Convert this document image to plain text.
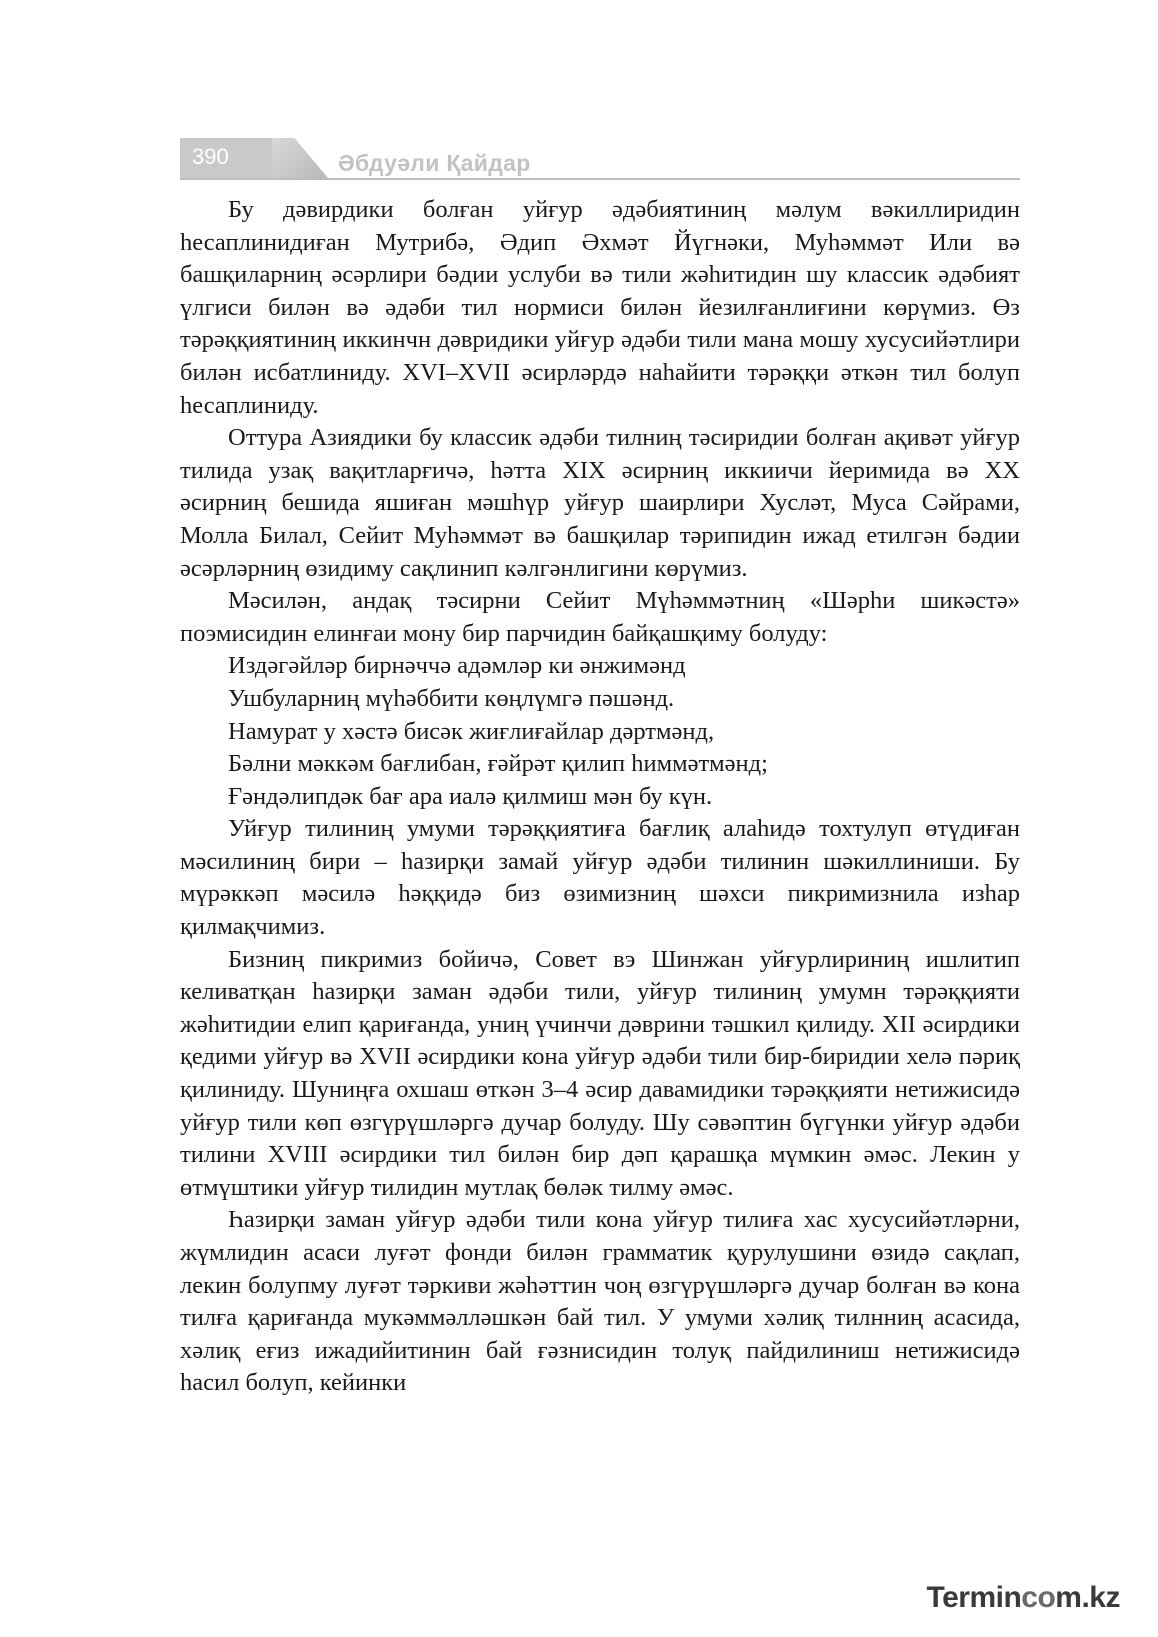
390	Әбдуәли Қайдар

Бу дәвирдики болған уйғур әдәбиятиниң мәлум вәкиллиридин һесаплинидиған Мутрибә, Әдип Әхмәт Йүгнәки, Муһәммәт Или вә башқиларниң әсәрлири бәдии услуби вә тили жәһитидин шу классик әдәбият үлгиси билән вә әдәби тил нормиси билән йезилғанлиғини көрүмиз. Өз тәрәққиятиниң иккинчн дәвридики уйғур әдәби тили мана мошу хусусийәтлири билән исбатлиниду. XVI–XVII әсирләрдә наһайити тәрәққи әткән тил болуп һесаплиниду.

Оттура Азиядики бу классик әдәби тилниң тәсиридии болған ақивәт уйғур тилида узақ вақитларғичә, һәтта XIX әсирниң иккиичи йеримида вә XX әсирниң бешида яшиған мәшһүр уйғур шаирлири Хусләт, Муса Сәйрами, Молла Билал, Сейит Муһәммәт вә башқилар тәрипидин ижад етилгән бәдии әсәрләрниң өзидиму сақлинип кәлгәнлигини көрүмиз.

Мәсилән, андақ тәсирни Сейит Мүһәммәтниң «Шәрһи шикәстә» поэмисидин елинғаи мону бир парчидин байқашқиму болуду:

Издәгәйләр бирнәччә адәмләр ки әнжимәнд

Ушбуларниң мүһәббити көңлүмгә пәшәнд.

Намурат у хәстә бисәк жиғлиғайлар дәртмәнд,

Бәлни мәккәм бағлибан, ғәйрәт қилип һиммәтмәнд;

Ғәндәлипдәк бағ ара иалә қилмиш мән бу күн.

Уйғур тилиниң умуми тәрәққиятиға бағлиқ алаһидә тохтулуп өтүдиған мәсилиниң бири – һазирқи замай уйғур әдәби тилинин шәкиллиниши. Бу мүрәккәп мәсилә һәққидә биз өзимизниң шәхси пикримизнила изһар қилмақчимиз.

Бизниң пикримиз бойичә, Совет вэ Шинжан уйғурлириниң ишлитип келиватқан һазирқи заман әдәби тили, уйғур тилиниң умумн тәрәққияти жәһитидии елип қариғанда, униң үчинчи дәврини тәшкил қилиду. XII әсирдики қедими уйғур вә XVII әсирдики кона уйғур әдәби тили бир-биридии хелә пәриқ қилиниду. Шуниңға охшаш өткән 3–4 әсир давамидики тәрәққияти нетижисидә уйғур тили көп өзгүрүшләргә дучар болуду. Шу сәвәптин бүгүнки уйғур әдәби тилини XVIII әсирдики тил билән бир дәп қарашқа мүмкин әмәс. Лекин у өтмүштики уйғур тилидин мутлақ бөләк тилму әмәс.

Һазирқи заман уйғур әдәби тили кона уйғур тилиға хас хусусийәтләрни, жүмлидин асаси луғәт фонди билән грамматик қурулушини өзидә сақлап, лекин болупму луғәт тәркиви жәһәттин чоң өзгүрүшләргә дучар болған вә кона тилға қариғанда мукәммәлләшкән бай тил. У умуми хәлиқ тилнниң асасида, хәлиқ еғиз ижадийитинин бай ғәзнисидин толуқ пайдилиниш нетижисидә һасил болуп, кейинки

Termincom.kz
